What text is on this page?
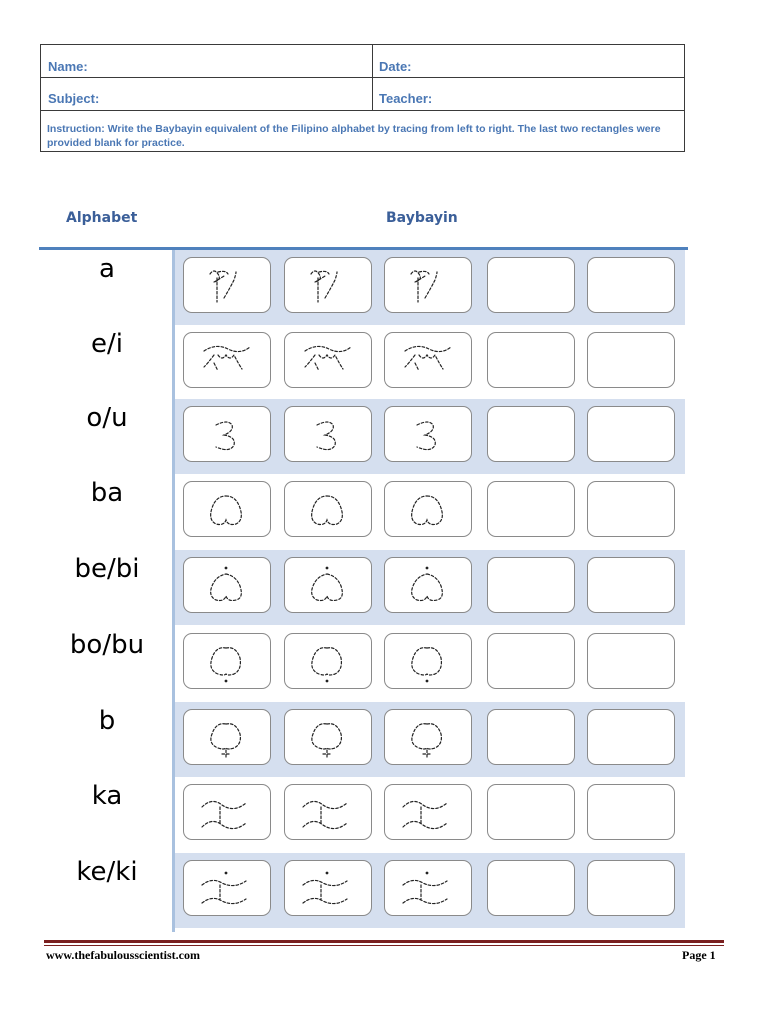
Name:	Date:
Subject:	Teacher:
Instruction: Write the Baybayin equivalent of the Filipino alphabet by tracing from left to right. The last two rectangles were provided blank for practice.
Alphabet	Baybayin
a
e/i
o/u
ba
be/bi
bo/bu
b
ka
ke/ki
www.thefabulousscientist.com	Page 1
